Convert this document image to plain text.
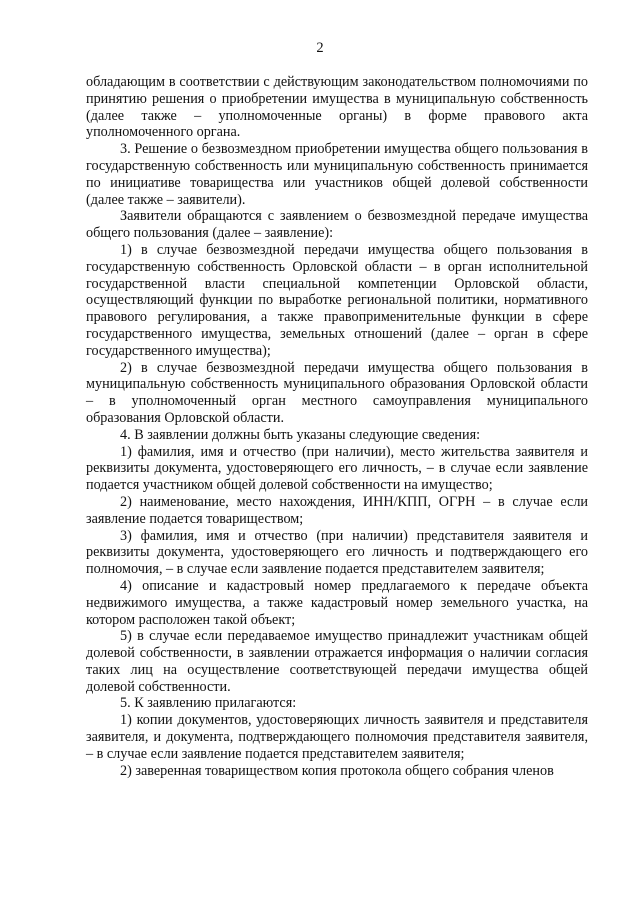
2

обладающим в соответствии с действующим законодательством полномочиями по принятию решения о приобретении имущества в муниципальную собственность (далее также – уполномоченные органы) в форме правового акта уполномоченного органа.

3. Решение о безвозмездном приобретении имущества общего пользования в государственную собственность или муниципальную собственность принимается по инициативе товарищества или участников общей долевой собственности (далее также – заявители).

Заявители обращаются с заявлением о безвозмездной передаче имущества общего пользования (далее – заявление):

1) в случае безвозмездной передачи имущества общего пользования в государственную собственность Орловской области – в орган исполнительной государственной власти специальной компетенции Орловской области, осуществляющий функции по выработке региональной политики, нормативного правового регулирования, а также правоприменительные функции в сфере государственного имущества, земельных отношений (далее – орган в сфере государственного имущества);

2) в случае безвозмездной передачи имущества общего пользования в муниципальную собственность муниципального образования Орловской области – в уполномоченный орган местного самоуправления муниципального образования Орловской области.

4. В заявлении должны быть указаны следующие сведения:

1) фамилия, имя и отчество (при наличии), место жительства заявителя и реквизиты документа, удостоверяющего его личность, – в случае если заявление подается участником общей долевой собственности на имущество;

2) наименование, место нахождения, ИНН/КПП, ОГРН – в случае если заявление подается товариществом;

3) фамилия, имя и отчество (при наличии) представителя заявителя и реквизиты документа, удостоверяющего его личность и подтверждающего его полномочия, – в случае если заявление подается представителем заявителя;

4) описание и кадастровый номер предлагаемого к передаче объекта недвижимого имущества, а также кадастровый номер земельного участка, на котором расположен такой объект;

5) в случае если передаваемое имущество принадлежит участникам общей долевой собственности, в заявлении отражается информация о наличии согласия таких лиц на осуществление соответствующей передачи имущества общей долевой собственности.

5. К заявлению прилагаются:

1) копии документов, удостоверяющих личность заявителя и представителя заявителя, и документа, подтверждающего полномочия представителя заявителя, – в случае если заявление подается представителем заявителя;

2) заверенная товариществом копия протокола общего собрания членов
